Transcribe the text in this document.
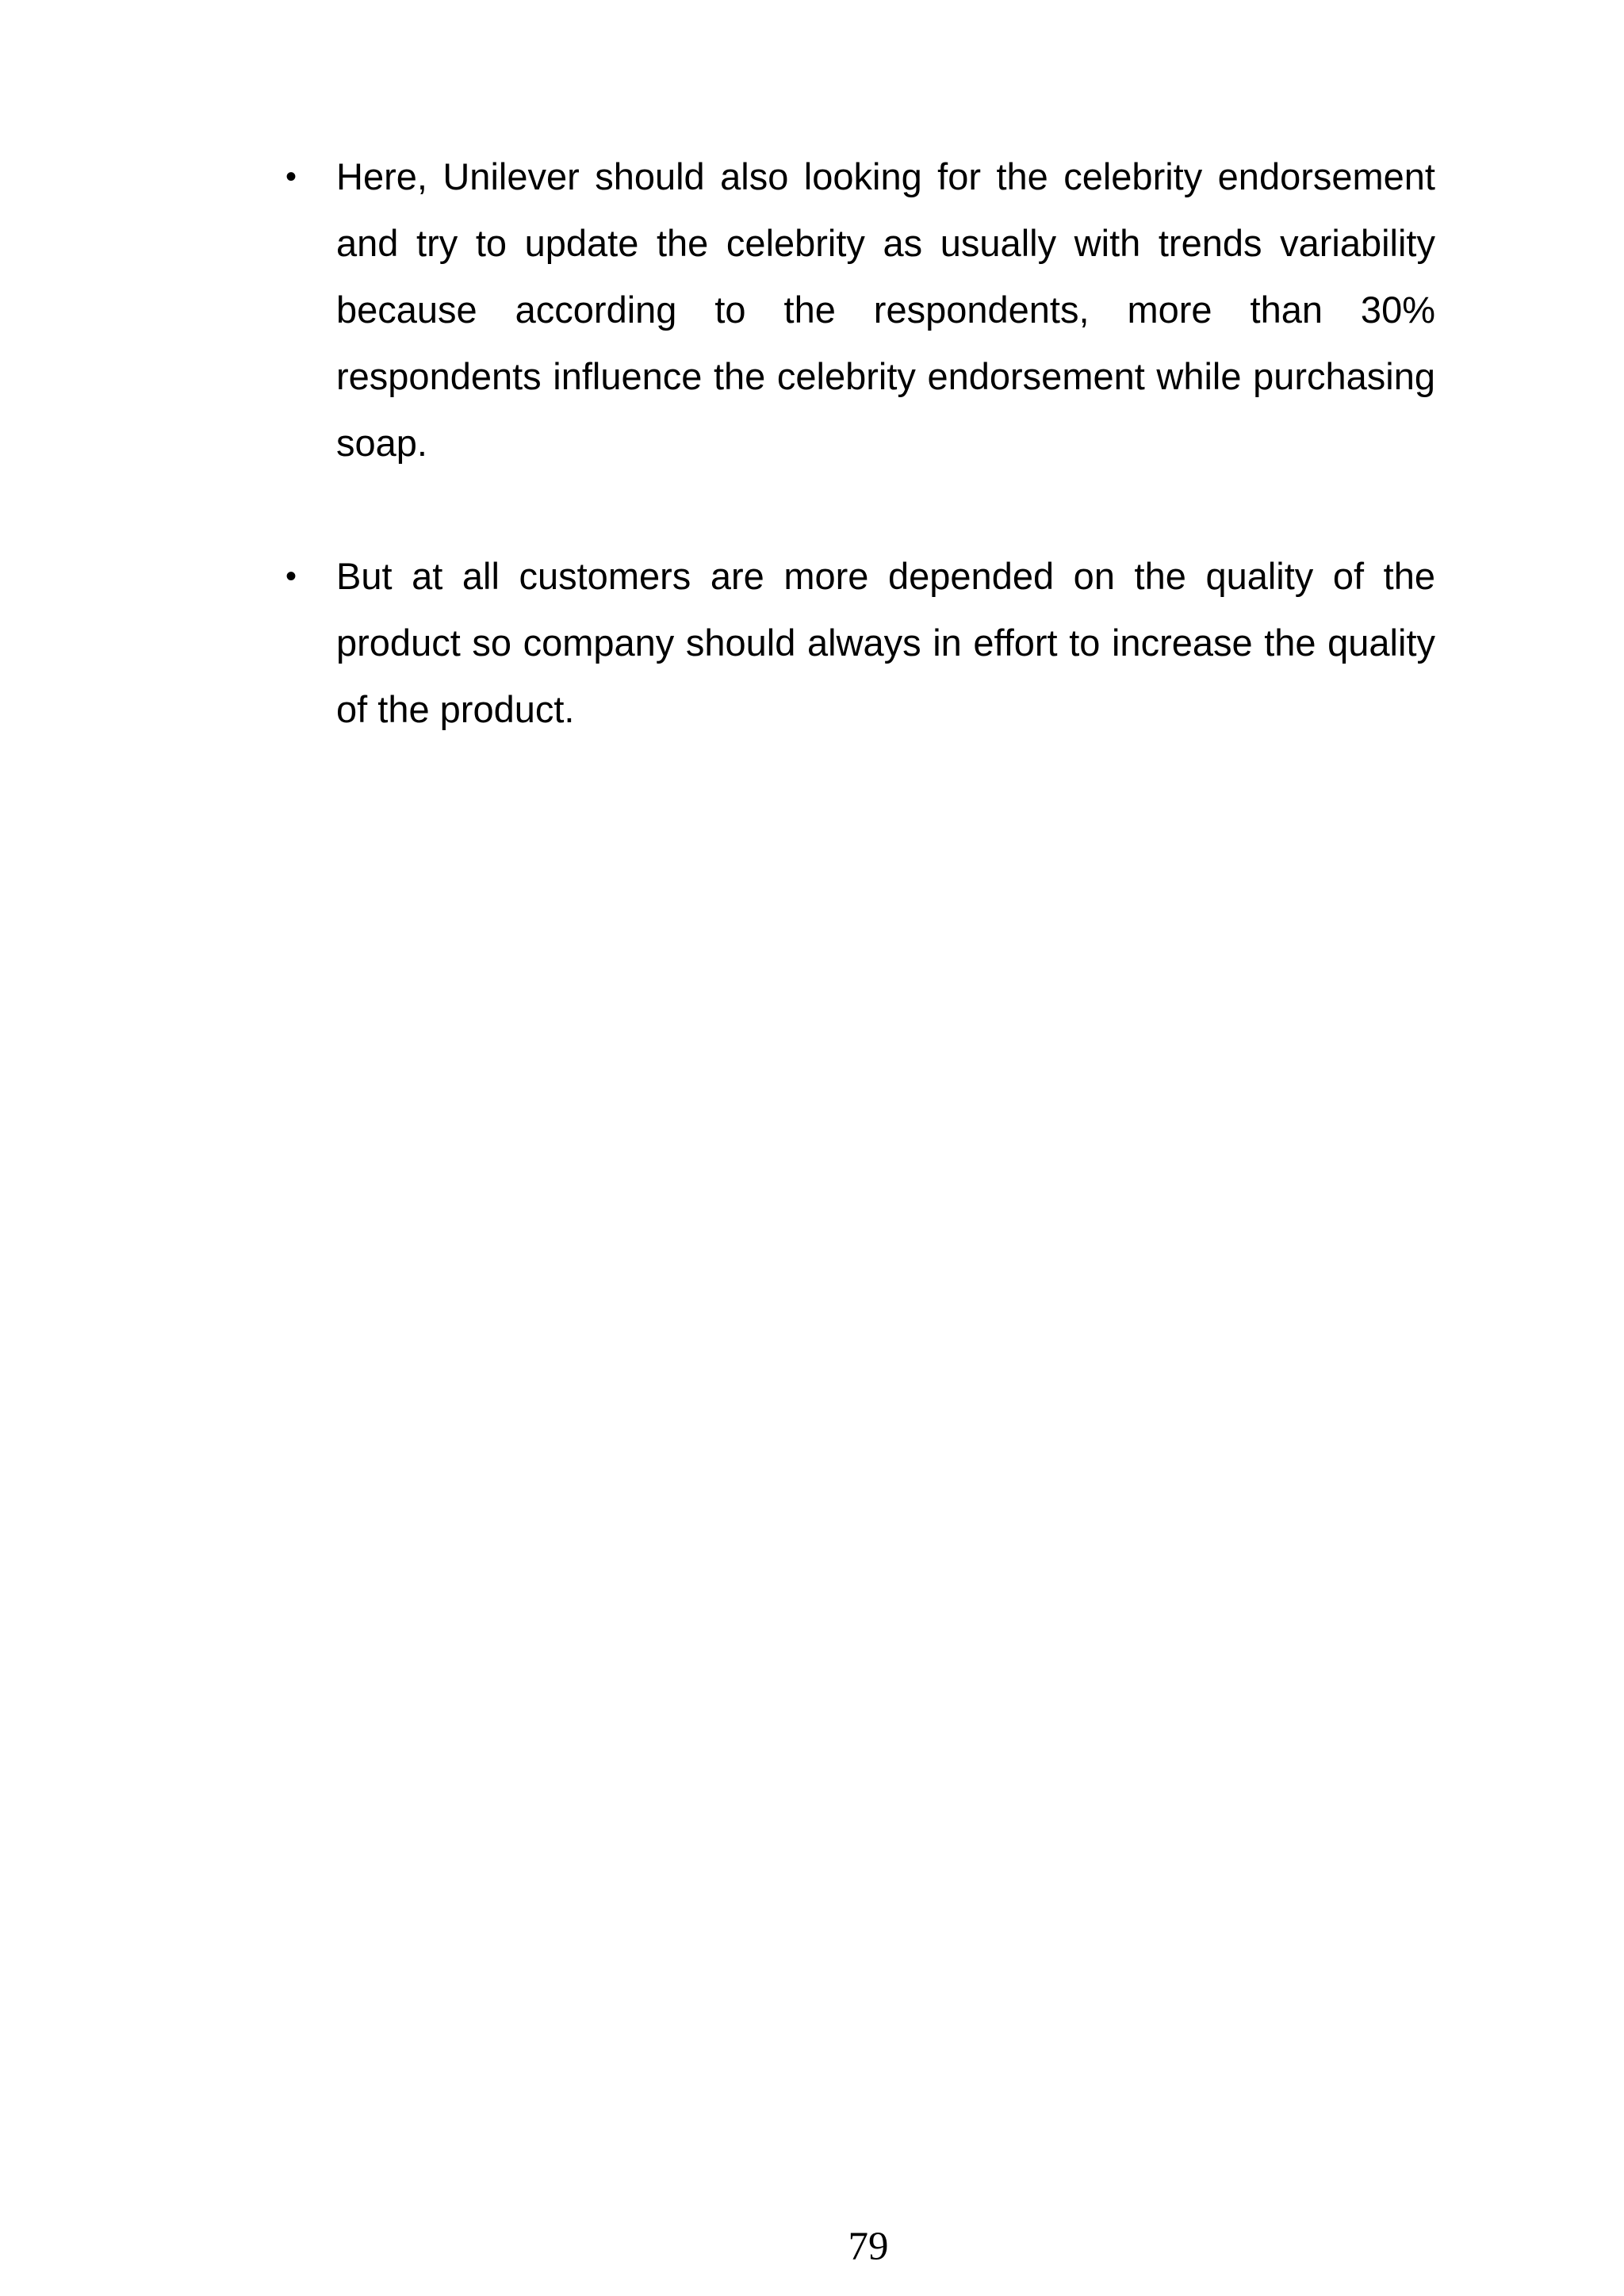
• Here, Unilever should also looking for the celebrity endorsement and try to update the celebrity as usually with trends variability because according to the respondents, more than 30% respondents influence the celebrity endorsement while purchasing soap.
• But at all customers are more depended on the quality of the product so company should always in effort to increase the quality of the product.
79
